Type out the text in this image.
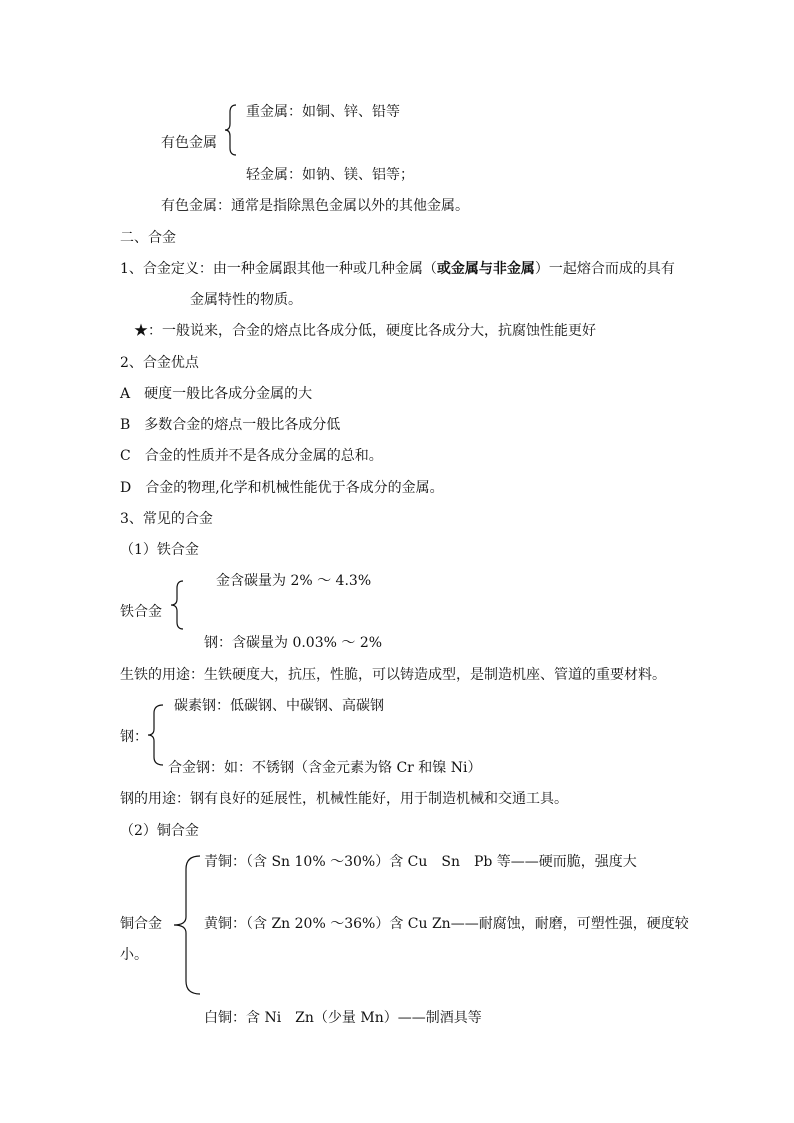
重金属：如铜、锌、铅等
有色金属
轻金属：如钠、镁、铝等；
有色金属：通常是指除黑色金属以外的其他金属。
二、合金
1、合金定义：由一种金属跟其他一种或几种金属（或金属与非金属）一起熔合而成的具有
金属特性的物质。
★：一般说来，合金的熔点比各成分低，硬度比各成分大，抗腐蚀性能更好
2、合金优点
A　硬度一般比各成分金属的大
B　多数合金的熔点一般比各成分低
C　合金的性质并不是各成分金属的总和。
D　合金的物理,化学和机械性能优于各成分的金属。
3、常见的合金
（1）铁合金
金含碳量为 2% ～ 4.3%
铁合金
钢：含碳量为 0.03% ～ 2%
生铁的用途：生铁硬度大，抗压，性脆，可以铸造成型，是制造机座、管道的重要材料。
碳素钢：低碳钢、中碳钢、高碳钢
钢：
合金钢：如：不锈钢（含金元素为铬 Cr 和镍 Ni）
钢的用途：钢有良好的延展性，机械性能好，用于制造机械和交通工具。
（2）铜合金
青铜：（含 Sn 10% ～30%）含 Cu　Sn　Pb 等——硬而脆，强度大
铜合金	黄铜：（含 Zn 20% ～36%）含 Cu Zn——耐腐蚀，耐磨，可塑性强，硬度较
小。
白铜：含 Ni　Zn（少量 Mn）——制酒具等
